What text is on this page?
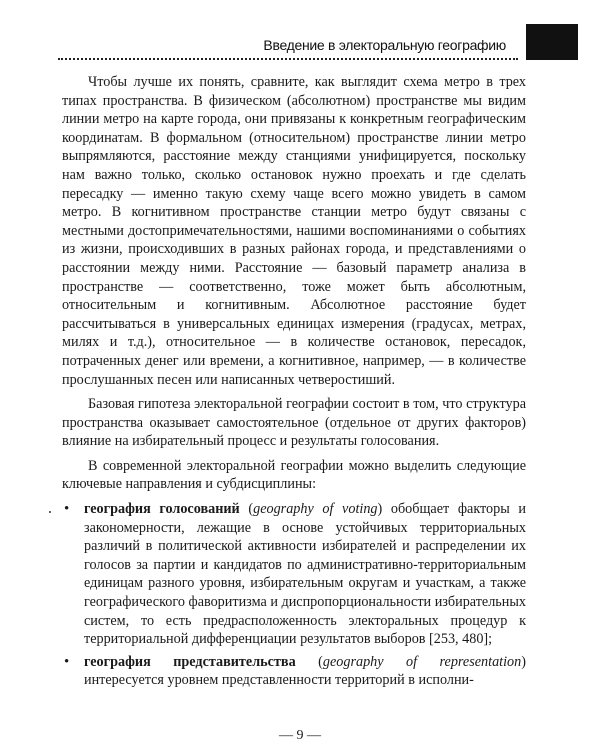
Введение в электоральную географию

Чтобы лучше их понять, сравните, как выглядит схема метро в трех типах пространства. В физическом (абсолютном) пространстве мы видим линии метро на карте города, они привязаны к конкретным географическим координатам. В формальном (относительном) пространстве линии метро выпрямляются, расстояние между станциями унифицируется, поскольку нам важно только, сколько остановок нужно проехать и где сделать пересадку — именно такую схему чаще всего можно увидеть в самом метро. В когнитивном пространстве станции метро будут связаны с местными достопримечательностями, нашими воспоминаниями о событиях из жизни, происходивших в разных районах города, и представлениями о расстоянии между ними. Расстояние — базовый параметр анализа в пространстве — соответственно, тоже может быть абсолютным, относительным и когнитивным. Абсолютное расстояние будет рассчитываться в универсальных единицах измерения (градусах, метрах, милях и т.д.), относительное — в количестве остановок, пересадок, потраченных денег или времени, а когнитивное, например, — в количестве прослушанных песен или написанных четверостиший.

Базовая гипотеза электоральной географии состоит в том, что структура пространства оказывает самостоятельное (отдельное от других факторов) влияние на избирательный процесс и результаты голосования.

В современной электоральной географии можно выделить следующие ключевые направления и субдисциплины:

• география голосований (geography of voting) обобщает факторы и закономерности, лежащие в основе устойчивых территориальных различий в политической активности избирателей и распределении их голосов за партии и кандидатов по административно-территориальным единицам разного уровня, избирательным округам и участкам, а также географического фаворитизма и диспропорциональности избирательных систем, то есть предрасположенность электоральных процедур к территориальной дифференциации результатов выборов [253, 480];
• география представительства (geography of representation) интересуется уровнем представленности территорий в исполни-
— 9 —
